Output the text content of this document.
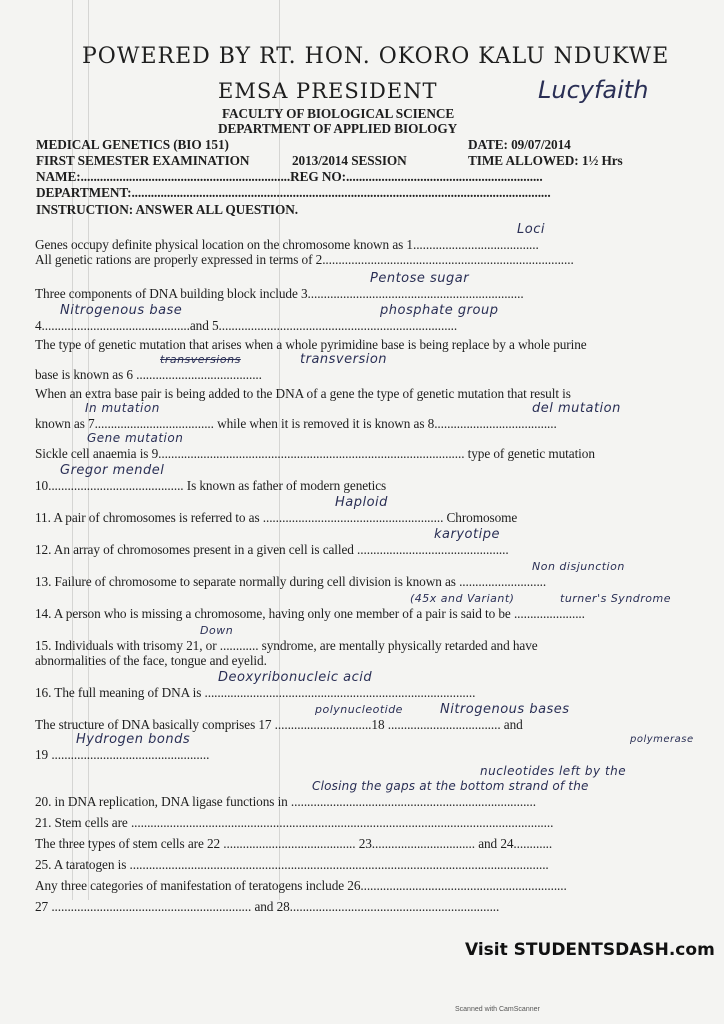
POWERED BY RT. HON. OKORO KALU NDUKWE
EMSA PRESIDENT	Lucyfaith
FACULTY OF BIOLOGICAL SCIENCE
DEPARTMENT OF APPLIED BIOLOGY
MEDICAL GENETICS (BIO 151)	DATE: 09/07/2014
FIRST SEMESTER EXAMINATION	2013/2014 SESSION	TIME ALLOWED: 1½ Hrs
NAME:.................................................................REG NO:.............................................................
DEPARTMENT:..................................................................................................................................
INSTRUCTION: ANSWER ALL QUESTION.
Loci
Genes occupy definite physical location on the chromosome known as 1.......................................
All genetic rations are properly expressed in terms of 2..............................................................................
Pentose sugar
Three components of DNA building block include 3...................................................................
Nitrogenous base	phosphate group
4..............................................and 5..........................................................................
The type of genetic mutation that arises when a whole pyrimidine base is being replace by a whole purine
transversions	transversion
base is known as 6 .......................................
When an extra base pair is being added to the DNA of a gene the type of genetic mutation that result is
In mutation	del mutation
known as 7..................................... while when it is removed it is known as 8......................................
Gene mutation
Sickle cell anaemia is 9............................................................................................... type of genetic mutation
Gregor mendel
10.......................................... Is known as father of modern genetics
Haploid
11. A pair of chromosomes is referred to as ........................................................ Chromosome
karyotipe
12. An array of chromosomes present in a given cell is called ...............................................
Non disjunction
13. Failure of chromosome to separate normally during cell division is known as ...........................
(45x and Variant)	turner's Syndrome
14. A person who is missing a chromosome, having only one member of a pair is said to be ......................
Down
15. Individuals with trisomy 21, or ............ syndrome, are mentally physically retarded and have
abnormalities of the face, tongue and eyelid.
Deoxyribonucleic acid
16. The full meaning of DNA is ....................................................................................
polynucleotide	Nitrogenous bases
The structure of DNA basically comprises 17 ..............................18 ................................... and
Hydrogen bonds	polymerase
19 .................................................
nucleotides left by the
Closing the gaps at the bottom strand of the
20. in DNA replication, DNA ligase functions in ............................................................................
21. Stem cells are ...................................................................................................................................
The three types of stem cells are 22 ......................................... 23................................ and 24............
25. A taratogen is ..................................................................................................................................
Any three categories of manifestation of teratogens include 26................................................................
27 .............................................................. and 28.................................................................
Visit STUDENTSDASH.com
Scanned with CamScanner
